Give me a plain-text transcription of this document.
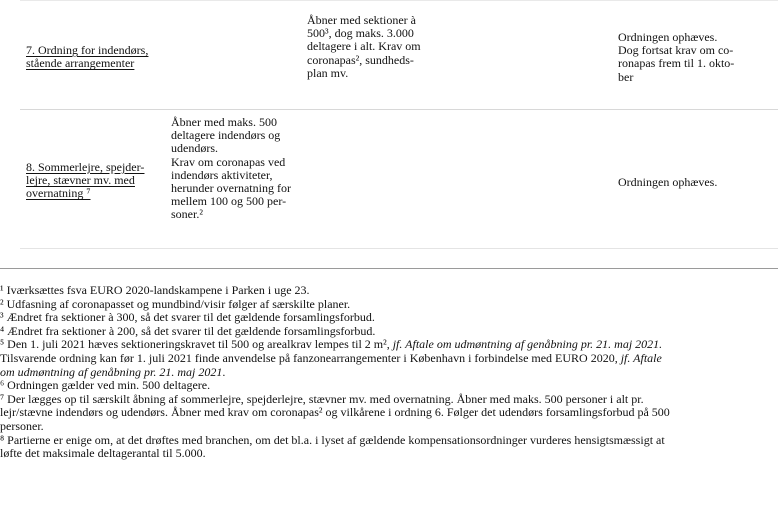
7. Ordning for indendørs,
stående arrangementer
Åbner med sektioner à
500³, dog maks. 3.000
deltagere i alt. Krav om
coronapas², sundheds-
plan mv.
Ordningen ophæves.
Dog fortsat krav om co-
ronapas frem til 1. okto-
ber
8. Sommerlejre, spejder-
lejre, stævner mv. med
overnatning ⁷
Åbner med maks. 500
deltagere indendørs og
udendørs.
Krav om coronapas ved
indendørs aktiviteter,
herunder overnatning for
mellem 100 og 500 per-
soner.²
Ordningen ophæves.

¹ Iværksættes fsva EURO 2020-landskampene i Parken i uge 23.

² Udfasning af coronapasset og mundbind/visir følger af særskilte planer.

³ Ændret fra sektioner à 300, så det svarer til det gældende forsamlingsforbud.

⁴ Ændret fra sektioner à 200, så det svarer til det gældende forsamlingsforbud.

⁵ Den 1. juli 2021 hæves sektioneringskravet til 500 og arealkrav lempes til 2 m², jf. Aftale om udmøntning af genåbning pr. 21. maj 2021.

Tilsvarende ordning kan før 1. juli 2021 finde anvendelse på fanzonearrangementer i København i forbindelse med EURO 2020, jf. Aftale

om udmøntning af genåbning pr. 21. maj 2021.

⁶ Ordningen gælder ved min. 500 deltagere.

⁷ Der lægges op til særskilt åbning af sommerlejre, spejderlejre, stævner mv. med overnatning. Åbner med maks. 500 personer i alt pr.

lejr/stævne indendørs og udendørs. Åbner med krav om coronapas² og vilkårene i ordning 6. Følger det udendørs forsamlingsforbud på 500

personer.

⁸ Partierne er enige om, at det drøftes med branchen, om det bl.a. i lyset af gældende kompensationsordninger vurderes hensigtsmæssigt at

løfte det maksimale deltagerantal til 5.000.
